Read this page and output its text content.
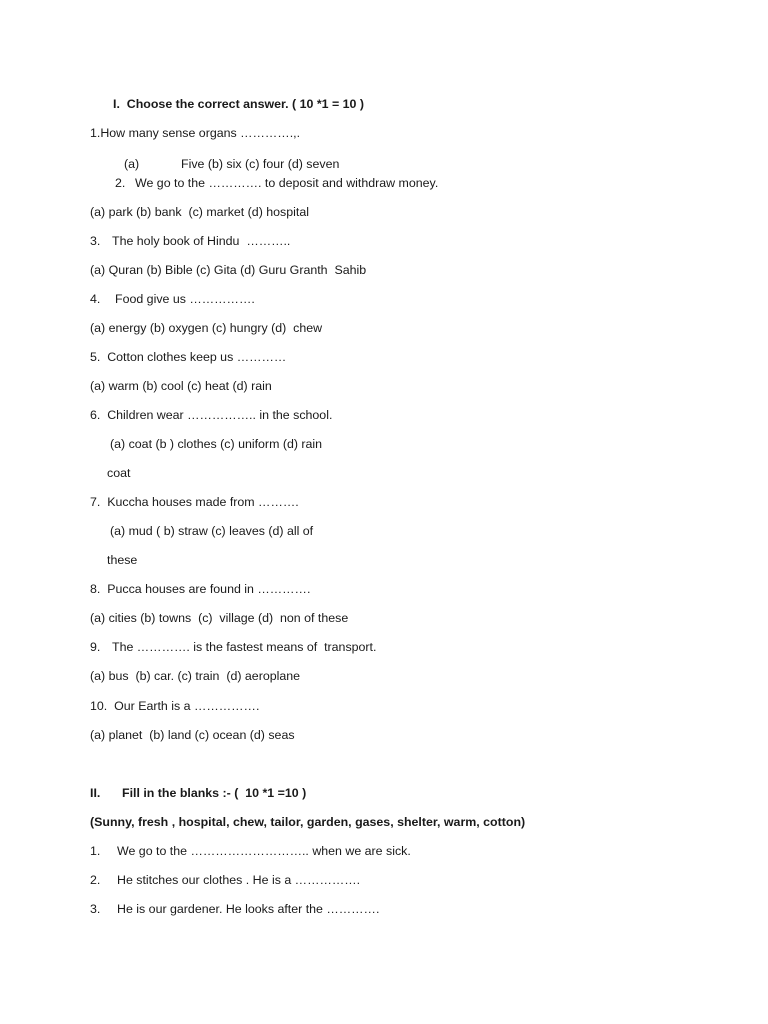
I.  Choose the correct answer. ( 10 *1 = 10 )
1.How many sense organs ………….,.
(a)	Five (b) six (c) four (d) seven
2. We go to the …………. to deposit and withdraw money.
(a) park (b) bank  (c) market (d) hospital
3. The holy book of Hindu  ………..
(a) Quran (b) Bible (c) Gita (d) Guru Granth  Sahib
4. Food give us …………….
(a) energy (b) oxygen (c) hungry (d)  chew
5.  Cotton clothes keep us …………
(a) warm (b) cool (c) heat (d) rain
6.  Children wear …………….. in the school.
(a) coat (b ) clothes (c) uniform (d) rain
coat
7.  Kuccha houses made from ……….
(a) mud ( b) straw (c) leaves (d) all of
these
8.  Pucca houses are found in ………….
(a) cities (b) towns  (c)  village (d)  non of these
9. The …………. is the fastest means of  transport.
(a) bus  (b) car. (c) train  (d) aeroplane
10.  Our Earth is a …………….
(a) planet  (b) land (c) ocean (d) seas
II. Fill in the blanks :- (  10 *1 =10 )
(Sunny, fresh , hospital, chew, tailor, garden, gases, shelter, warm, cotton)
1. We go to the ……………………….. when we are sick.
2. He stitches our clothes . He is a …………….
3. He is our gardener. He looks after the ………….
